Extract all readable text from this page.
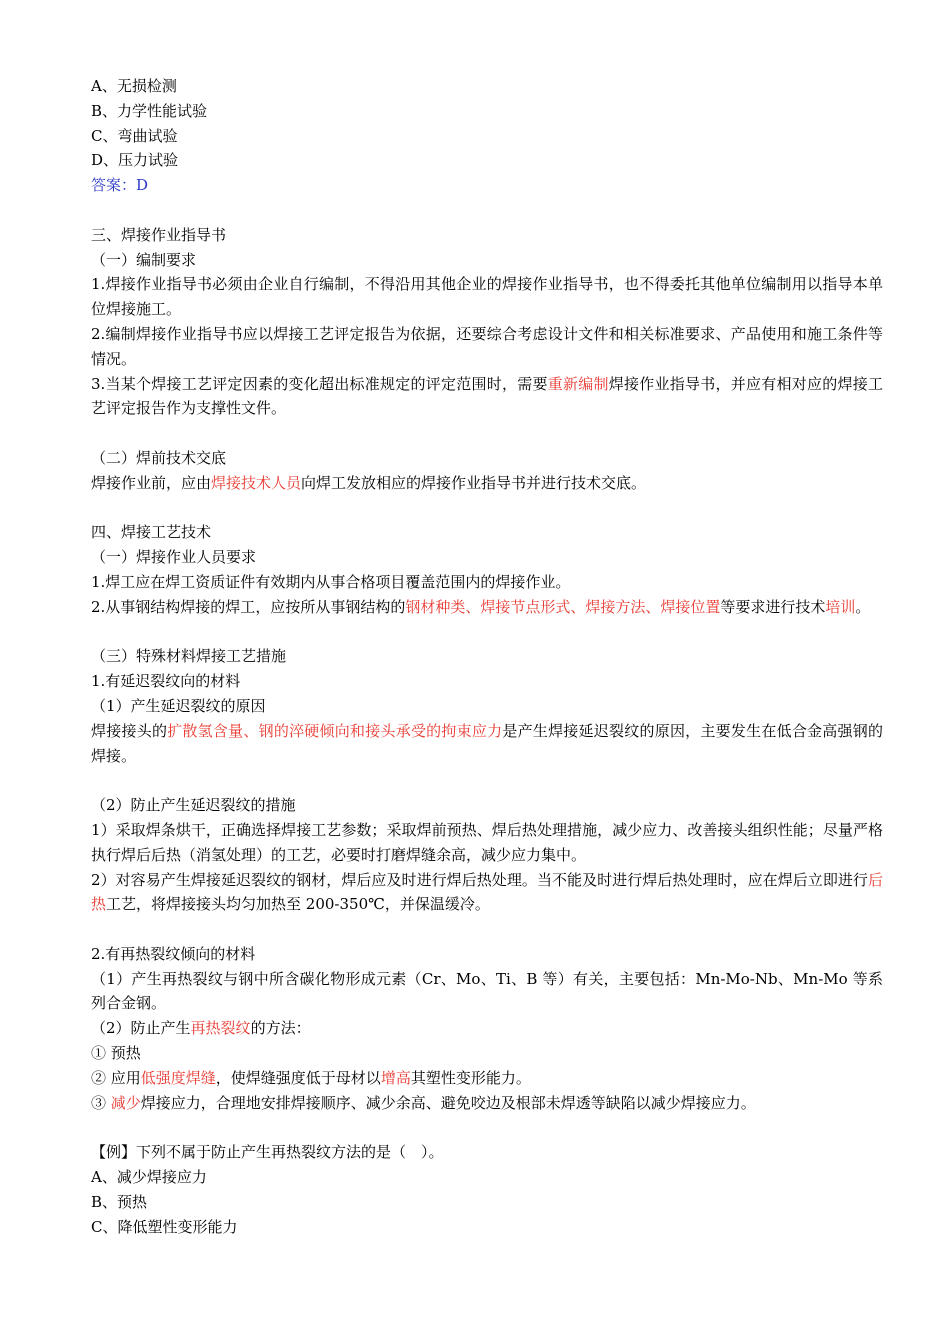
A、无损检测
B、力学性能试验
C、弯曲试验
D、压力试验
答案：D
三、焊接作业指导书
（一）编制要求
1.焊接作业指导书必须由企业自行编制，不得沿用其他企业的焊接作业指导书，也不得委托其他单位编制用以指导本单位焊接施工。
2.编制焊接作业指导书应以焊接工艺评定报告为依据，还要综合考虑设计文件和相关标准要求、产品使用和施工条件等情况。
3.当某个焊接工艺评定因素的变化超出标准规定的评定范围时，需要重新编制焊接作业指导书，并应有相对应的焊接工艺评定报告作为支撑性文件。
（二）焊前技术交底
焊接作业前，应由焊接技术人员向焊工发放相应的焊接作业指导书并进行技术交底。
四、焊接工艺技术
（一）焊接作业人员要求
1.焊工应在焊工资质证件有效期内从事合格项目覆盖范围内的焊接作业。
2.从事钢结构焊接的焊工，应按所从事钢结构的钢材种类、焊接节点形式、焊接方法、焊接位置等要求进行技术培训。
（三）特殊材料焊接工艺措施
1.有延迟裂纹向的材料
（1）产生延迟裂纹的原因
焊接接头的扩散氢含量、钢的淬硬倾向和接头承受的拘束应力是产生焊接延迟裂纹的原因，主要发生在低合金高强钢的焊接。
（2）防止产生延迟裂纹的措施
1）采取焊条烘干，正确选择焊接工艺参数；采取焊前预热、焊后热处理措施，减少应力、改善接头组织性能；尽量严格执行焊后后热（消氢处理）的工艺，必要时打磨焊缝余高，减少应力集中。
2）对容易产生焊接延迟裂纹的钢材，焊后应及时进行焊后热处理。当不能及时进行焊后热处理时，应在焊后立即进行后热工艺，将焊接接头均匀加热至 200-350℃，并保温缓冷。
2.有再热裂纹倾向的材料
（1）产生再热裂纹与钢中所含碳化物形成元素（Cr、Mo、Ti、B 等）有关，主要包括：Mn-Mo-Nb、Mn-Mo 等系列合金钢。
（2）防止产生再热裂纹的方法：
① 预热
② 应用低强度焊缝，使焊缝强度低于母材以增高其塑性变形能力。
③ 减少焊接应力，合理地安排焊接顺序、减少余高、避免咬边及根部未焊透等缺陷以减少焊接应力。
【例】下列不属于防止产生再热裂纹方法的是（　）。
A、减少焊接应力
B、预热
C、降低塑性变形能力
